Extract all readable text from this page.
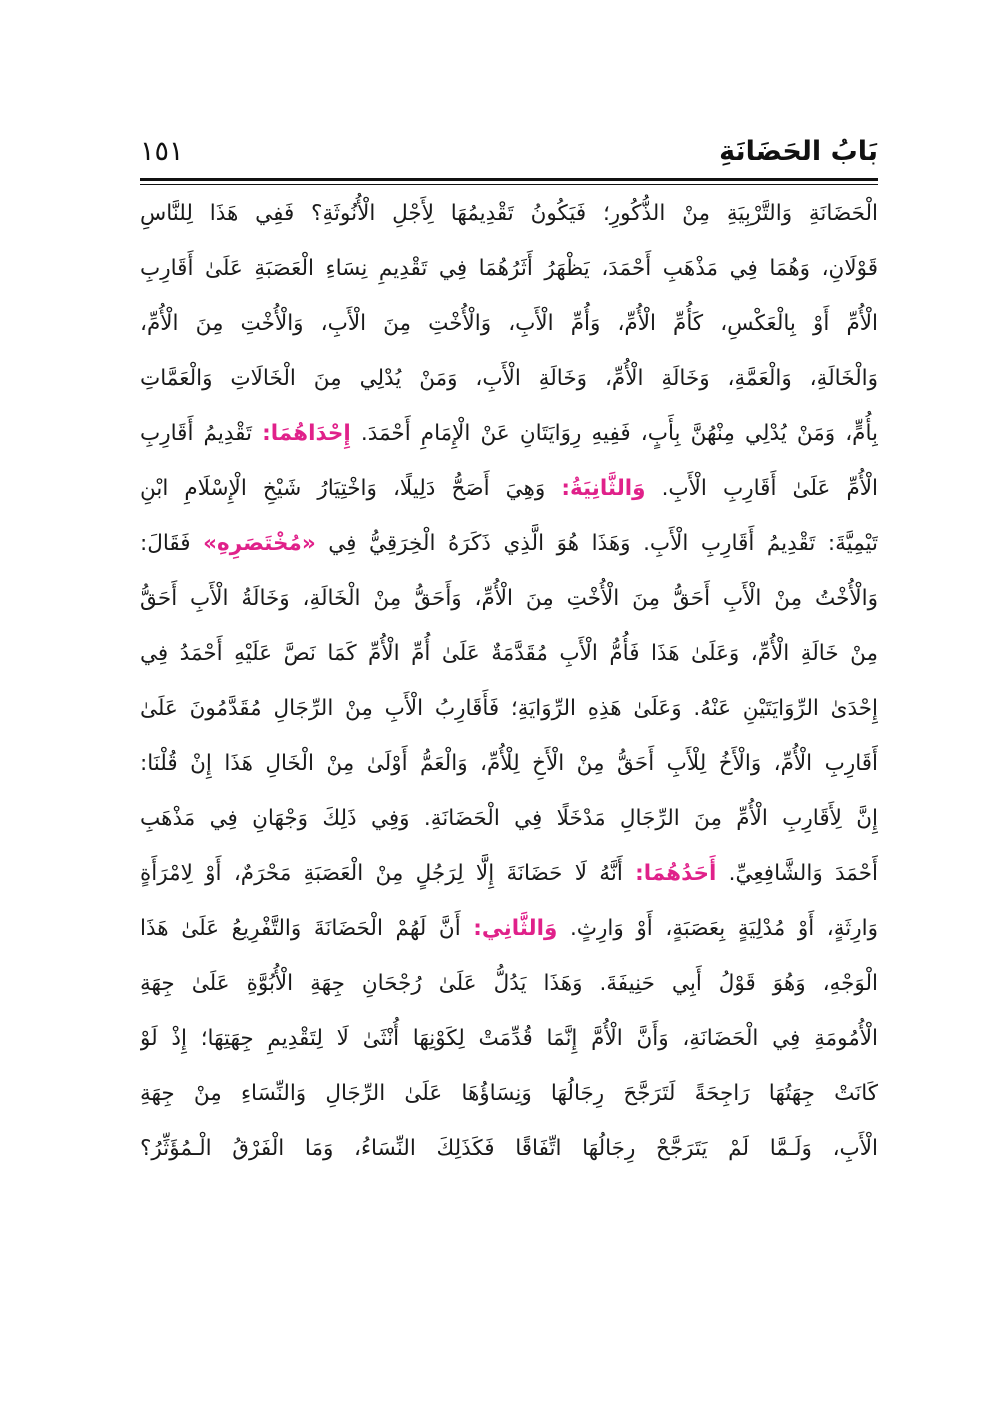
بَابُ الحَضَانَةِ
١٥١
الْحَضَانَةِ وَالتَّرْبِيَةِ مِنْ الذُّكُورِ؛ فَيَكُونُ تَقْدِيمُهَا لِأَجْلِ الْأُنُوثَةِ؟ فَفِي هَذَا لِلنَّاسِ
قَوْلَانِ، وَهُمَا فِي مَذْهَبِ أَحْمَدَ، يَظْهَرُ أَثَرُهُمَا فِي تَقْدِيمِ نِسَاءِ الْعَصَبَةِ عَلَىٰ أَقَارِبِ
الْأُمِّ أَوْ بِالْعَكْسِ، كَأُمِّ الْأُمِّ، وَأُمِّ الْأَبِ، وَالْأُخْتِ مِنَ الْأَبِ، وَالْأُخْتِ مِنَ الْأُمِّ،
وَالْخَالَةِ، وَالْعَمَّةِ، وَخَالَةِ الْأُمِّ، وَخَالَةِ الْأَبِ، وَمَنْ يُدْلِي مِنَ الْخَالَاتِ وَالْعَمَّاتِ
بِأُمٍّ، وَمَنْ يُدْلِي مِنْهُنَّ بِأَبٍ، فَفِيهِ رِوَايَتَانِ عَنْ الْإِمَامِ أَحْمَدَ. إِحْدَاهُمَا: تَقْدِيمُ أَقَارِبِ
الْأُمِّ عَلَىٰ أَقَارِبِ الْأَبِ. وَالثَّانِيَةُ: وَهِيَ أَصَحُّ دَلِيلًا، وَاخْتِيَارُ شَيْخِ الْإِسْلَامِ ابْنِ
تَيْمِيَّةَ: تَقْدِيمُ أَقَارِبِ الْأَبِ. وَهَذَا هُوَ الَّذِي ذَكَرَهُ الْخِرَقِيُّ فِي «مُخْتَصَرِهِ» فَقَالَ:
وَالْأُخْتُ مِنْ الْأَبِ أَحَقُّ مِنَ الْأُخْتِ مِنَ الْأُمِّ، وَأَحَقُّ مِنْ الْخَالَةِ، وَخَالَةُ الْأَبِ أَحَقُّ
مِنْ خَالَةِ الْأُمِّ، وَعَلَىٰ هَذَا فَأُمُّ الْأَبِ مُقَدَّمَةٌ عَلَىٰ أُمِّ الْأُمِّ كَمَا نَصَّ عَلَيْهِ أَحْمَدُ فِي
إِحْدَىٰ الرِّوَايَتَيْنِ عَنْهُ. وَعَلَىٰ هَذِهِ الرِّوَايَةِ؛ فَأَقَارِبُ الْأَبِ مِنْ الرِّجَالِ مُقَدَّمُونَ عَلَىٰ
أَقَارِبِ الْأُمِّ، وَالْأَخُ لِلْأَبِ أَحَقُّ مِنْ الْأَخِ لِلْأُمِّ، وَالْعَمُّ أَوْلَىٰ مِنْ الْخَالِ هَذَا إِنْ قُلْنَا:
إِنَّ لِأَقَارِبِ الْأُمِّ مِنَ الرِّجَالِ مَدْخَلًا فِي الْحَضَانَةِ. وَفِي ذَلِكَ وَجْهَانِ فِي مَذْهَبِ
أَحْمَدَ وَالشَّافِعِيِّ. أَحَدُهُمَا: أَنَّهُ لَا حَضَانَةَ إِلَّا لِرَجُلٍ مِنْ الْعَصَبَةِ مَحْرَمٌ، أَوْ لِامْرَأَةٍ
وَارِثَةٍ، أَوْ مُدْلِيَةٍ بِعَصَبَةٍ، أَوْ وَارِثٍ. وَالثَّانِي: أَنَّ لَهُمْ الْحَضَانَةَ وَالتَّفْرِيعُ عَلَىٰ هَذَا
الْوَجْهِ، وَهُوَ قَوْلُ أَبِي حَنِيفَةَ. وَهَذَا يَدُلُّ عَلَىٰ رُجْحَانِ جِهَةِ الْأُبُوَّةِ عَلَىٰ جِهَةِ
الْأُمُومَةِ فِي الْحَضَانَةِ، وَأَنَّ الْأُمَّ إِنَّمَا قُدِّمَتْ لِكَوْنِهَا أُنْثَىٰ لَا لِتَقْدِيمِ جِهَتِهَا؛ إِذْ لَوْ
كَانَتْ جِهَتُهَا رَاجِحَةً لَتَرَجَّحَ رِجَالُهَا وَنِسَاؤُهَا عَلَىٰ الرِّجَالِ وَالنِّسَاءِ مِنْ جِهَةِ
الْأَبِ، وَلَـمَّا لَمْ يَتَرَجَّحْ رِجَالُهَا اتِّفَاقًا فَكَذَلِكَ النِّسَاءُ، وَمَا الْفَرْقُ الْـمُؤَثِّرُ؟
